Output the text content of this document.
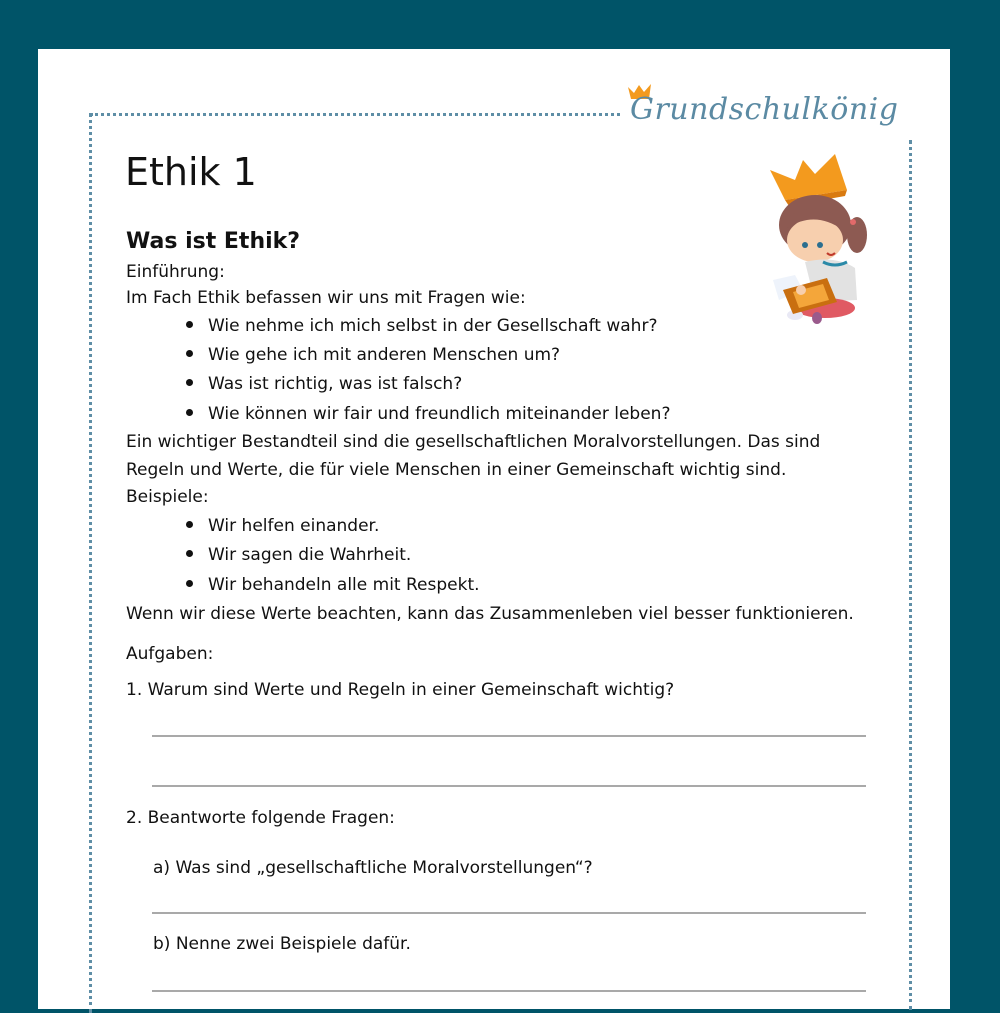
Grundschulkönig
Ethik 1
Was ist Ethik?
Einführung:
Im Fach Ethik befassen wir uns mit Fragen wie:
Wie nehme ich mich selbst in der Gesellschaft wahr?
Wie gehe ich mit anderen Menschen um?
Was ist richtig, was ist falsch?
Wie können wir fair und freundlich miteinander leben?
Ein wichtiger Bestandteil sind die gesellschaftlichen Moralvorstellungen. Das sind
Regeln und Werte, die für viele Menschen in einer Gemeinschaft wichtig sind.
Beispiele:
Wir helfen einander.
Wir sagen die Wahrheit.
Wir behandeln alle mit Respekt.
Wenn wir diese Werte beachten, kann das Zusammenleben viel besser funktionieren.
Aufgaben:
1. Warum sind Werte und Regeln in einer Gemeinschaft wichtig?
2. Beantworte folgende Fragen:
a) Was sind „gesellschaftliche Moralvorstellungen“?
b) Nenne zwei Beispiele dafür.
